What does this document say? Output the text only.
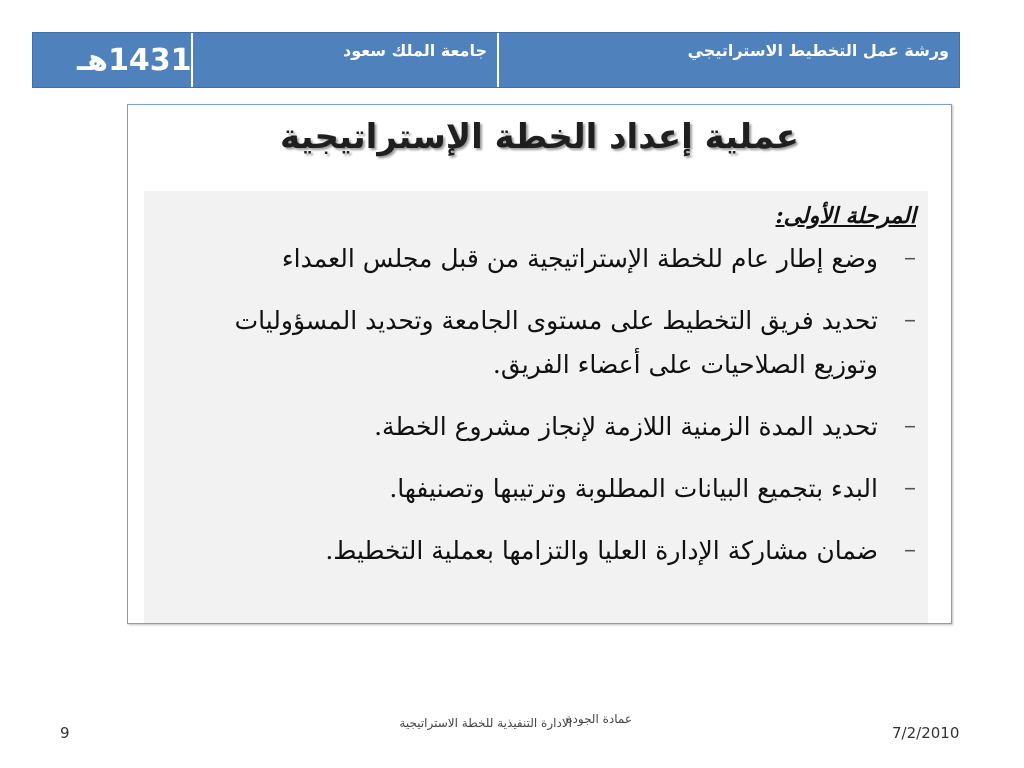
ورشة عمل التخطيط الاستراتيجي
جامعة الملك سعود
1431هـ
عملية إعداد الخطة الإستراتيجية
المرحلة الأولى:
–
وضع إطار عام للخطة الإستراتيجية من قبل مجلس العمداء
–
تحديد فريق التخطيط على مستوى الجامعة وتحديد المسؤوليات وتوزيع الصلاحيات على أعضاء الفريق.
–
تحديد المدة الزمنية اللازمة لإنجاز مشروع الخطة.
–
البدء بتجميع البيانات المطلوبة وترتيبها وتصنيفها.
–
ضمان مشاركة الإدارة العليا والتزامها بعملية التخطيط.
9
عمادة الجودة
الادارة التنفيذية للخطة الاستراتيجية
7/2/2010
